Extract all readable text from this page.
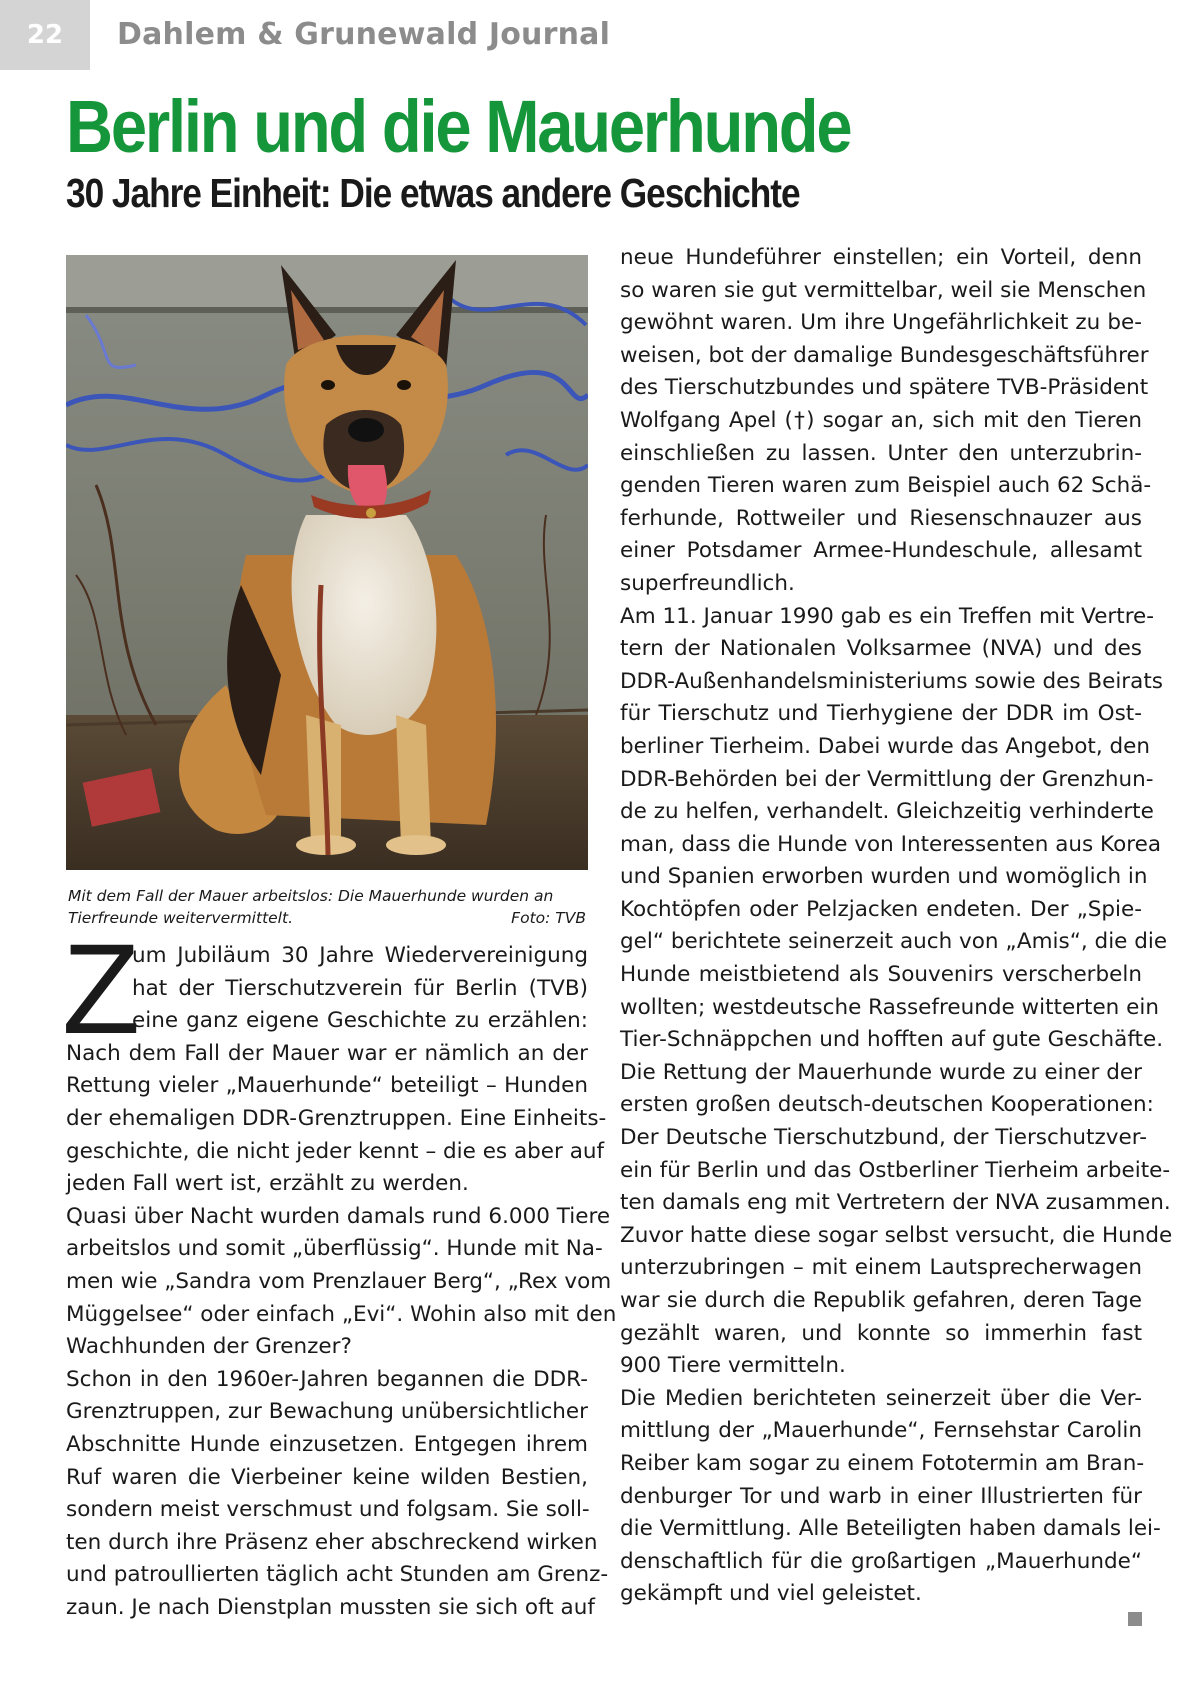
22	Dahlem & Grunewald Journal
Berlin und die Mauerhunde
30 Jahre Einheit: Die etwas andere Geschichte
Mit dem Fall der Mauer arbeitslos: Die Mauerhunde wurden an
Tierfreunde weitervermittelt.	Foto: TVB
Z
um Jubiläum 30 Jahre Wiedervereinigung
hat der Tierschutzverein für Berlin (TVB)
eine ganz eigene Geschichte zu erzählen:
Nach dem Fall der Mauer war er nämlich an der
Rettung vieler „Mauerhunde“ beteiligt – Hunden
der ehemaligen DDR-Grenztruppen. Eine Einheits-
geschichte, die nicht jeder kennt – die es aber auf
jeden Fall wert ist, erzählt zu werden.
Quasi über Nacht wurden damals rund 6.000 Tiere
arbeitslos und somit „überflüssig“. Hunde mit Na-
men wie „Sandra vom Prenzlauer Berg“, „Rex vom
Müggelsee“ oder einfach „Evi“. Wohin also mit den
Wachhunden der Grenzer?
Schon in den 1960er-Jahren begannen die DDR-
Grenztruppen, zur Bewachung unübersichtlicher
Abschnitte Hunde einzusetzen. Entgegen ihrem
Ruf waren die Vierbeiner keine wilden Bestien,
sondern meist verschmust und folgsam. Sie soll-
ten durch ihre Präsenz eher abschreckend wirken
und patroullierten täglich acht Stunden am Grenz-
zaun. Je nach Dienstplan mussten sie sich oft auf
neue Hundeführer einstellen; ein Vorteil, denn
so waren sie gut vermittelbar, weil sie Menschen
gewöhnt waren. Um ihre Ungefährlichkeit zu be-
weisen, bot der damalige Bundesgeschäftsführer
des Tierschutzbundes und spätere TVB-Präsident
Wolfgang Apel (†) sogar an, sich mit den Tieren
einschließen zu lassen. Unter den unterzubrin-
genden Tieren waren zum Beispiel auch 62 Schä-
ferhunde, Rottweiler und Riesenschnauzer aus
einer Potsdamer Armee-Hundeschule, allesamt
superfreundlich.
Am 11. Januar 1990 gab es ein Treffen mit Vertre-
tern der Nationalen Volksarmee (NVA) und des
DDR-Außenhandelsministeriums sowie des Beirats
für Tierschutz und Tierhygiene der DDR im Ost-
berliner Tierheim. Dabei wurde das Angebot, den
DDR-Behörden bei der Vermittlung der Grenzhun-
de zu helfen, verhandelt. Gleichzeitig verhinderte
man, dass die Hunde von Interessenten aus Korea
und Spanien erworben wurden und womöglich in
Kochtöpfen oder Pelzjacken endeten. Der „Spie-
gel“ berichtete seinerzeit auch von „Amis“, die die
Hunde meistbietend als Souvenirs verscherbeln
wollten; westdeutsche Rassefreunde witterten ein
Tier-Schnäppchen und hofften auf gute Geschäfte.
Die Rettung der Mauerhunde wurde zu einer der
ersten großen deutsch-deutschen Kooperationen:
Der Deutsche Tierschutzbund, der Tierschutzver-
ein für Berlin und das Ostberliner Tierheim arbeite-
ten damals eng mit Vertretern der NVA zusammen.
Zuvor hatte diese sogar selbst versucht, die Hunde
unterzubringen – mit einem Lautsprecherwagen
war sie durch die Republik gefahren, deren Tage
gezählt waren, und konnte so immerhin fast
900 Tiere vermitteln.
Die Medien berichteten seinerzeit über die Ver-
mittlung der „Mauerhunde“, Fernsehstar Carolin
Reiber kam sogar zu einem Fototermin am Bran-
denburger Tor und warb in einer Illustrierten für
die Vermittlung. Alle Beteiligten haben damals lei-
denschaftlich für die großartigen „Mauerhunde“
gekämpft und viel geleistet.
